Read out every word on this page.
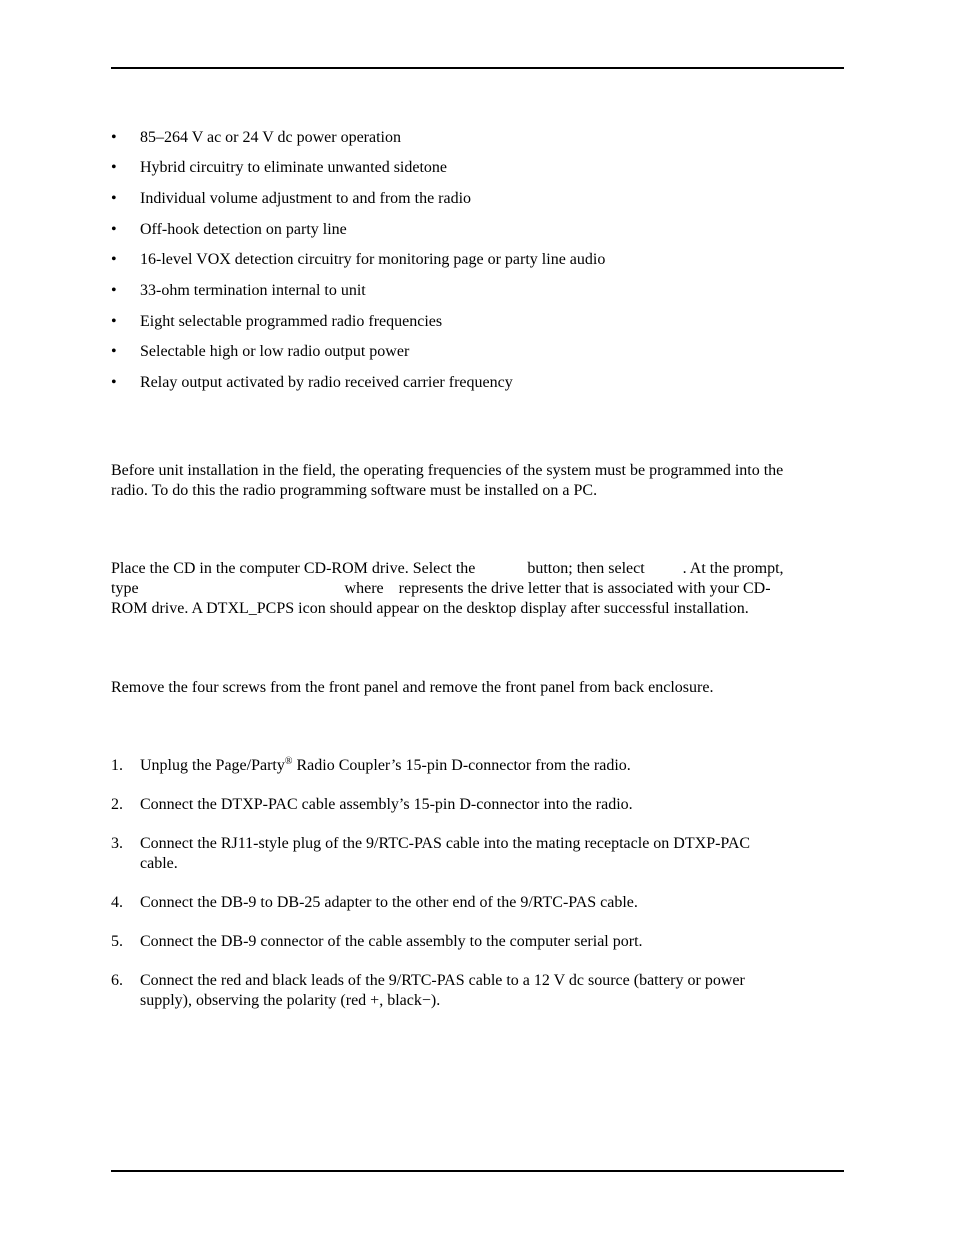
•	85–264 V ac or 24 V dc power operation
•	Hybrid circuitry to eliminate unwanted sidetone
•	Individual volume adjustment to and from the radio
•	Off-hook detection on party line
•	16-level VOX detection circuitry for monitoring page or party line audio
•	33-ohm termination internal to unit
•	Eight selectable programmed radio frequencies
•	Selectable high or low radio output power
•	Relay output activated by radio received carrier frequency
Before unit installation in the field, the operating frequencies of the system must be programmed into the
radio. To do this the radio programming software must be installed on a PC.
Place the CD in the computer CD-ROM drive. Select the	button; then select . At the prompt,
type	where represents the drive letter that is associated with your CD-
ROM drive. A DTXL_PCPS icon should appear on the desktop display after successful installation.
Remove the four screws from the front panel and remove the front panel from back enclosure.
1. Unplug the Page/Party® Radio Coupler’s 15-pin D-connector from the radio.
2. Connect the DTXP-PAC cable assembly’s 15-pin D-connector into the radio.
3. Connect the RJ11-style plug of the 9/RTC-PAS cable into the mating receptacle on DTXP-PAC
cable.
4. Connect the DB-9 to DB-25 adapter to the other end of the 9/RTC-PAS cable.
5. Connect the DB-9 connector of the cable assembly to the computer serial port.
6. Connect the red and black leads of the 9/RTC-PAS cable to a 12 V dc source (battery or power
supply), observing the polarity (red +, black−).
